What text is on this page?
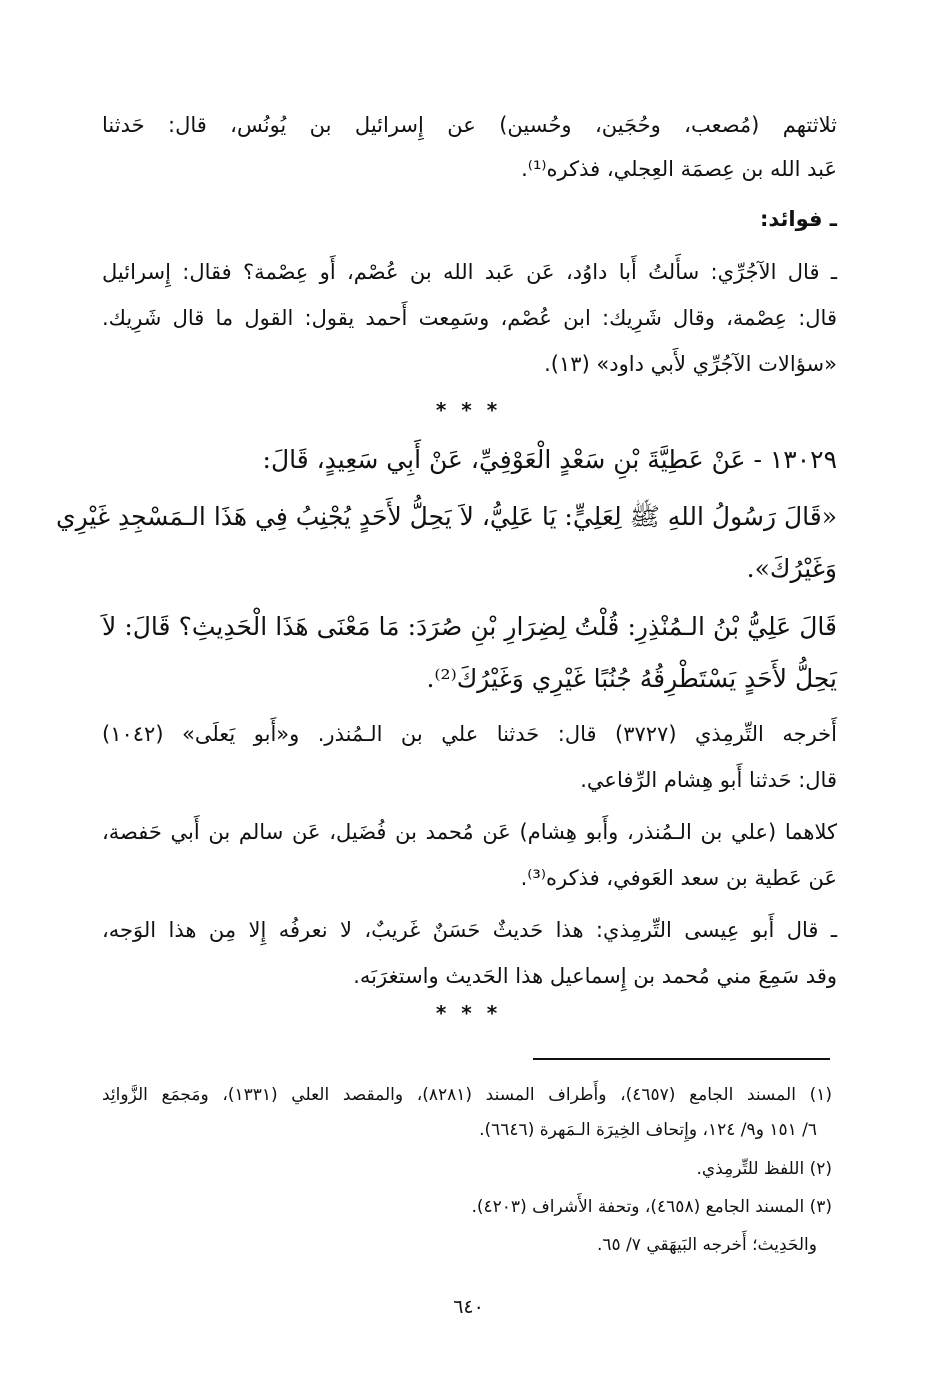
ثلاثتهم (مُصعب، وحُجَين، وحُسين) عن إِسرائيل بن يُونُس، قال: حَدثنا

عَبد الله بن عِصمَة العِجلي، فذكره⁽¹⁾.

ـ فوائد:

ـ قال الآجُرِّي: سأَلتُ أَبا داوُد، عَن عَبد الله بن عُصْم، أَو عِصْمة؟ فقال: إِسرائيل

قال: عِصْمة، وقال شَرِيك: ابن عُصْم، وسَمِعت أَحمد يقول: القول ما قال شَرِيك.

«سؤالات الآجُرِّي لأَبي داود» (١٣).

* * *

١٣٠٢٩ - عَنْ عَطِيَّةَ بْنِ سَعْدٍ الْعَوْفِيِّ، عَنْ أَبِي سَعِيدٍ، قَالَ:

«قَالَ رَسُولُ اللهِ ﷺ لِعَلِيٍّ: يَا عَلِيُّ، لاَ يَحِلُّ لأَحَدٍ يُجْنِبُ فِي هَذَا الـمَسْجِدِ غَيْرِي

وَغَيْرُكَ».

قَالَ عَلِيُّ بْنُ الـمُنْذِرِ: قُلْتُ لِضِرَارِ بْنِ صُرَدَ: مَا مَعْنَى هَذَا الْحَدِيثِ؟ قَالَ: لاَ

يَحِلُّ لأَحَدٍ يَسْتَطْرِقُهُ جُنُبًا غَيْرِي وَغَيْرُكَ⁽²⁾.

أَخرجه التِّرمِذي (٣٧٢٧) قال: حَدثنا علي بن الـمُنذر. و«أَبو يَعلَى» (١٠٤٢)

قال: حَدثنا أَبو هِشام الرِّفاعي.

كلاهما (علي بن الـمُنذر، وأَبو هِشام) عَن مُحمد بن فُضَيل، عَن سالم بن أَبي حَفصة،

عَن عَطية بن سعد العَوفي، فذكره⁽³⁾.

ـ قال أَبو عِيسى التِّرمِذي: هذا حَديثٌ حَسَنٌ غَريبٌ، لا نعرفُه إِلا مِن هذا الوَجه،

وقد سَمِعَ مني مُحمد بن إِسماعيل هذا الحَديث واستغرَبَه.

* * *

(١) المسند الجامع (٤٦٥٧)، وأَطراف المسند (٨٢٨١)، والمقصد العلي (١٣٣١)، ومَجمَع الزَّوائِد

٦/ ١٥١ و٩/ ١٢٤، وإِتحاف الخِيرَة الـمَهرة (٦٦٤٦).

(٢) اللفظ للتِّرمِذي.

(٣) المسند الجامع (٤٦٥٨)، وتحفة الأَشراف (٤٢٠٣).

والحَدِيث؛ أَخرجه البَيهَقي ٧/ ٦٥.

٦٤٠
